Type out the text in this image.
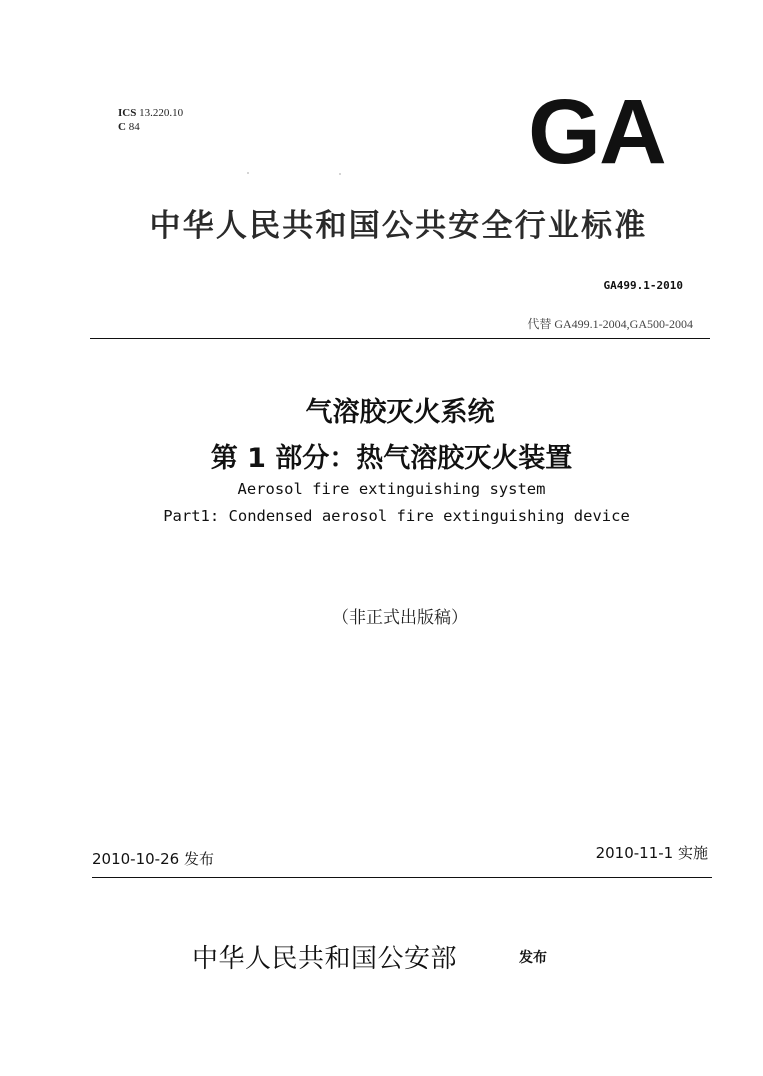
ICS 13.220.10
C 84	GA
中华人民共和国公共安全行业标准
GA499.1-2010
代替 GA499.1-2004,GA500-2004
气溶胶灭火系统
第 1 部分：热气溶胶灭火装置
Aerosol fire extinguishing system
Part1: Condensed aerosol fire extinguishing device
（非正式出版稿）
2010-10-26 发布	2010-11-1 实施
中华人民共和国公安部	发布
